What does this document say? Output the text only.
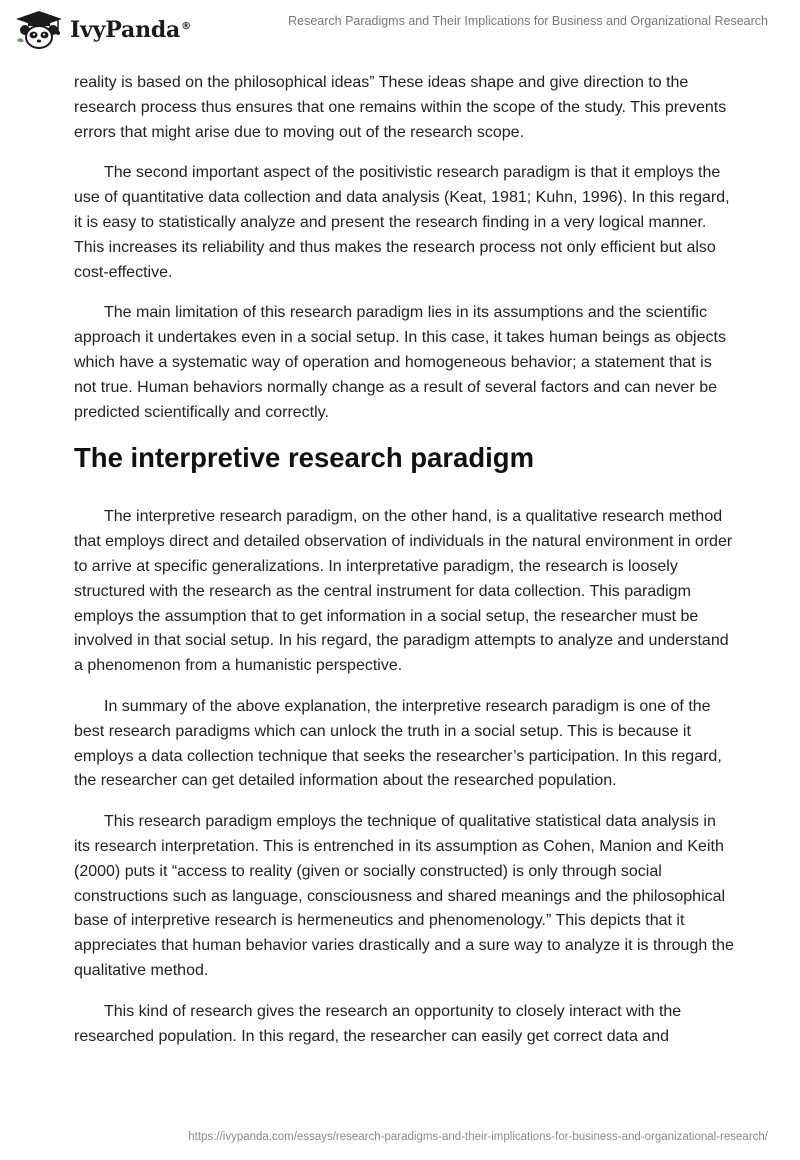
IvyPanda®	Research Paradigms and Their Implications for Business and Organizational Research

reality is based on the philosophical ideas” These ideas shape and give direction to the research process thus ensures that one remains within the scope of the study. This prevents errors that might arise due to moving out of the research scope.

The second important aspect of the positivistic research paradigm is that it employs the use of quantitative data collection and data analysis (Keat, 1981; Kuhn, 1996). In this regard, it is easy to statistically analyze and present the research finding in a very logical manner. This increases its reliability and thus makes the research process not only efficient but also cost-effective.

The main limitation of this research paradigm lies in its assumptions and the scientific approach it undertakes even in a social setup. In this case, it takes human beings as objects which have a systematic way of operation and homogeneous behavior; a statement that is not true. Human behaviors normally change as a result of several factors and can never be predicted scientifically and correctly.

The interpretive research paradigm

The interpretive research paradigm, on the other hand, is a qualitative research method that employs direct and detailed observation of individuals in the natural environment in order to arrive at specific generalizations. In interpretative paradigm, the research is loosely structured with the research as the central instrument for data collection. This paradigm employs the assumption that to get information in a social setup, the researcher must be involved in that social setup. In his regard, the paradigm attempts to analyze and understand a phenomenon from a humanistic perspective.

In summary of the above explanation, the interpretive research paradigm is one of the best research paradigms which can unlock the truth in a social setup. This is because it employs a data collection technique that seeks the researcher’s participation. In this regard, the researcher can get detailed information about the researched population.

This research paradigm employs the technique of qualitative statistical data analysis in its research interpretation. This is entrenched in its assumption as Cohen, Manion and Keith (2000) puts it “access to reality (given or socially constructed) is only through social constructions such as language, consciousness and shared meanings and the philosophical base of interpretive research is hermeneutics and phenomenology.” This depicts that it appreciates that human behavior varies drastically and a sure way to analyze it is through the qualitative method.

This kind of research gives the research an opportunity to closely interact with the researched population. In this regard, the researcher can easily get correct data and

https://ivypanda.com/essays/research-paradigms-and-their-implications-for-business-and-organizational-research/
